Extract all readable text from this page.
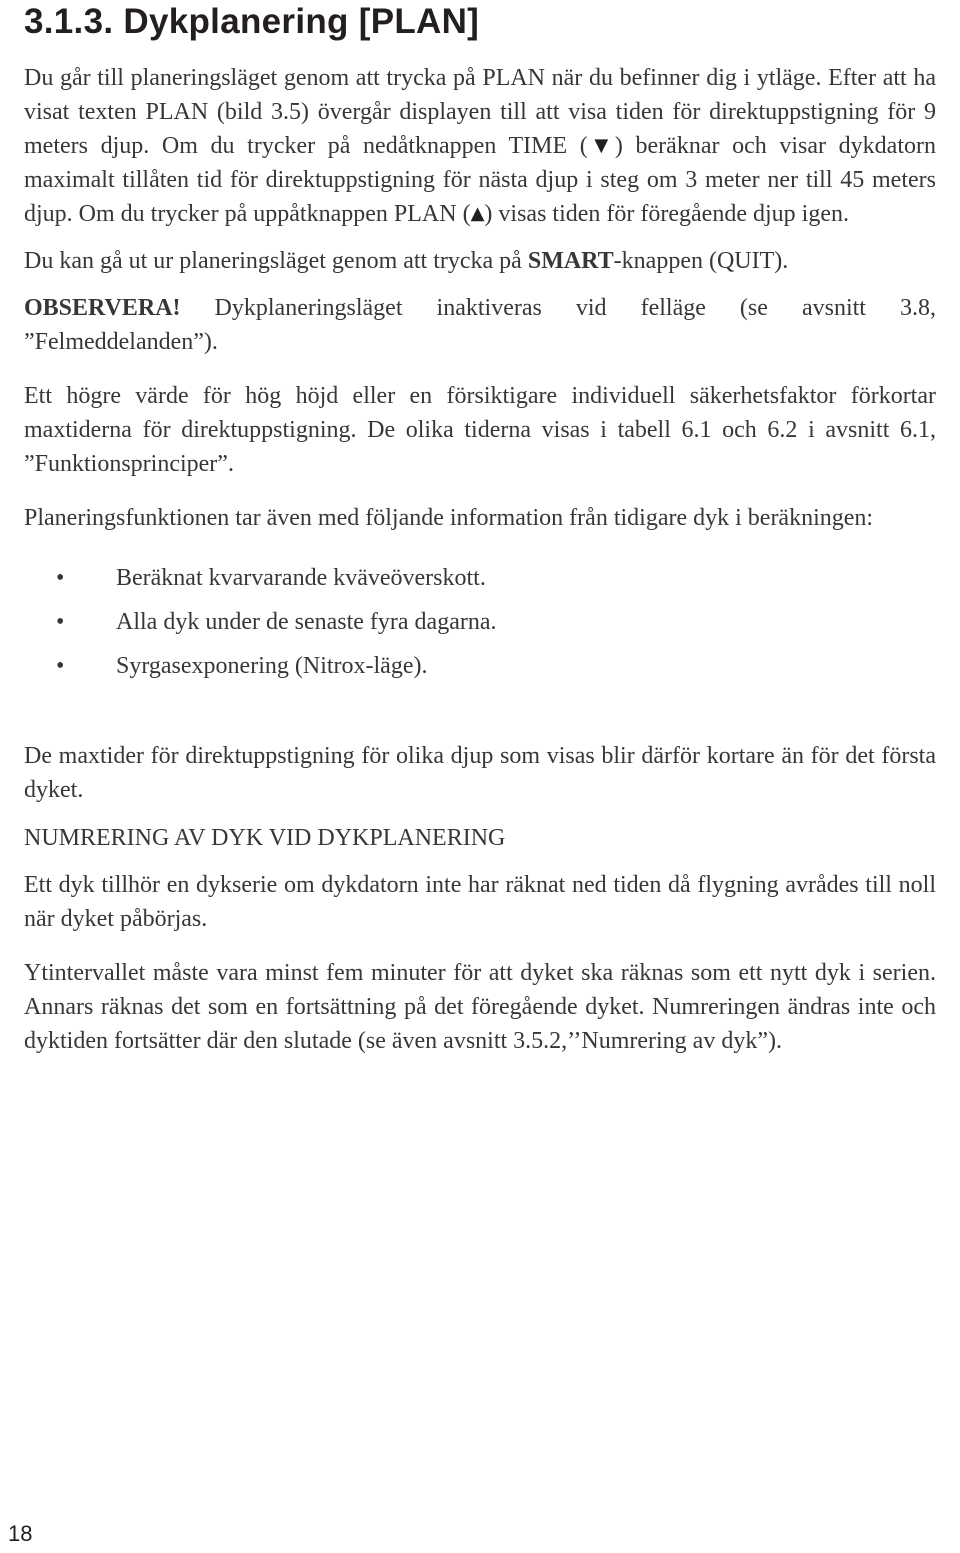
3.1.3. Dykplanering [PLAN]

Du går till planeringsläget genom att trycka på PLAN när du befinner dig i ytläge. Efter att ha visat texten PLAN (bild 3.5) övergår displayen till att visa tiden för direktuppstigning för 9 meters djup. Om du trycker på nedåtknappen TIME (▼) beräknar och visar dykdatorn maximalt tillåten tid för direktuppstigning för nästa djup i steg om 3 meter ner till 45 meters djup. Om du trycker på uppåtknappen PLAN (▲) visas tiden för föregående djup igen.

Du kan gå ut ur planeringsläget genom att trycka på SMART-knappen (QUIT).

OBSERVERA! Dykplaneringsläget inaktiveras vid felläge (se avsnitt 3.8, ”Felmeddelanden”).

Ett högre värde för hög höjd eller en försiktigare individuell säkerhetsfaktor förkortar maxtiderna för direktuppstigning. De olika tiderna visas i tabell 6.1 och 6.2 i avsnitt 6.1, ”Funktionsprinciper”.

Planeringsfunktionen tar även med följande information från tidigare dyk i beräkningen:

• Beräknat kvarvarande kväveöverskott.
• Alla dyk under de senaste fyra dagarna.
• Syrgasexponering (Nitrox-läge).

De maxtider för direktuppstigning för olika djup som visas blir därför kortare än för det första dyket.

NUMRERING AV DYK VID DYKPLANERING

Ett dyk tillhör en dykserie om dykdatorn inte har räknat ned tiden då flygning avrådes till noll när dyket påbörjas.

Ytintervallet måste vara minst fem minuter för att dyket ska räknas som ett nytt dyk i serien. Annars räknas det som en fortsättning på det föregående dyket. Numreringen ändras inte och dyktiden fortsätter där den slutade (se även avsnitt 3.5.2,’’Numrering av dyk”).

18
